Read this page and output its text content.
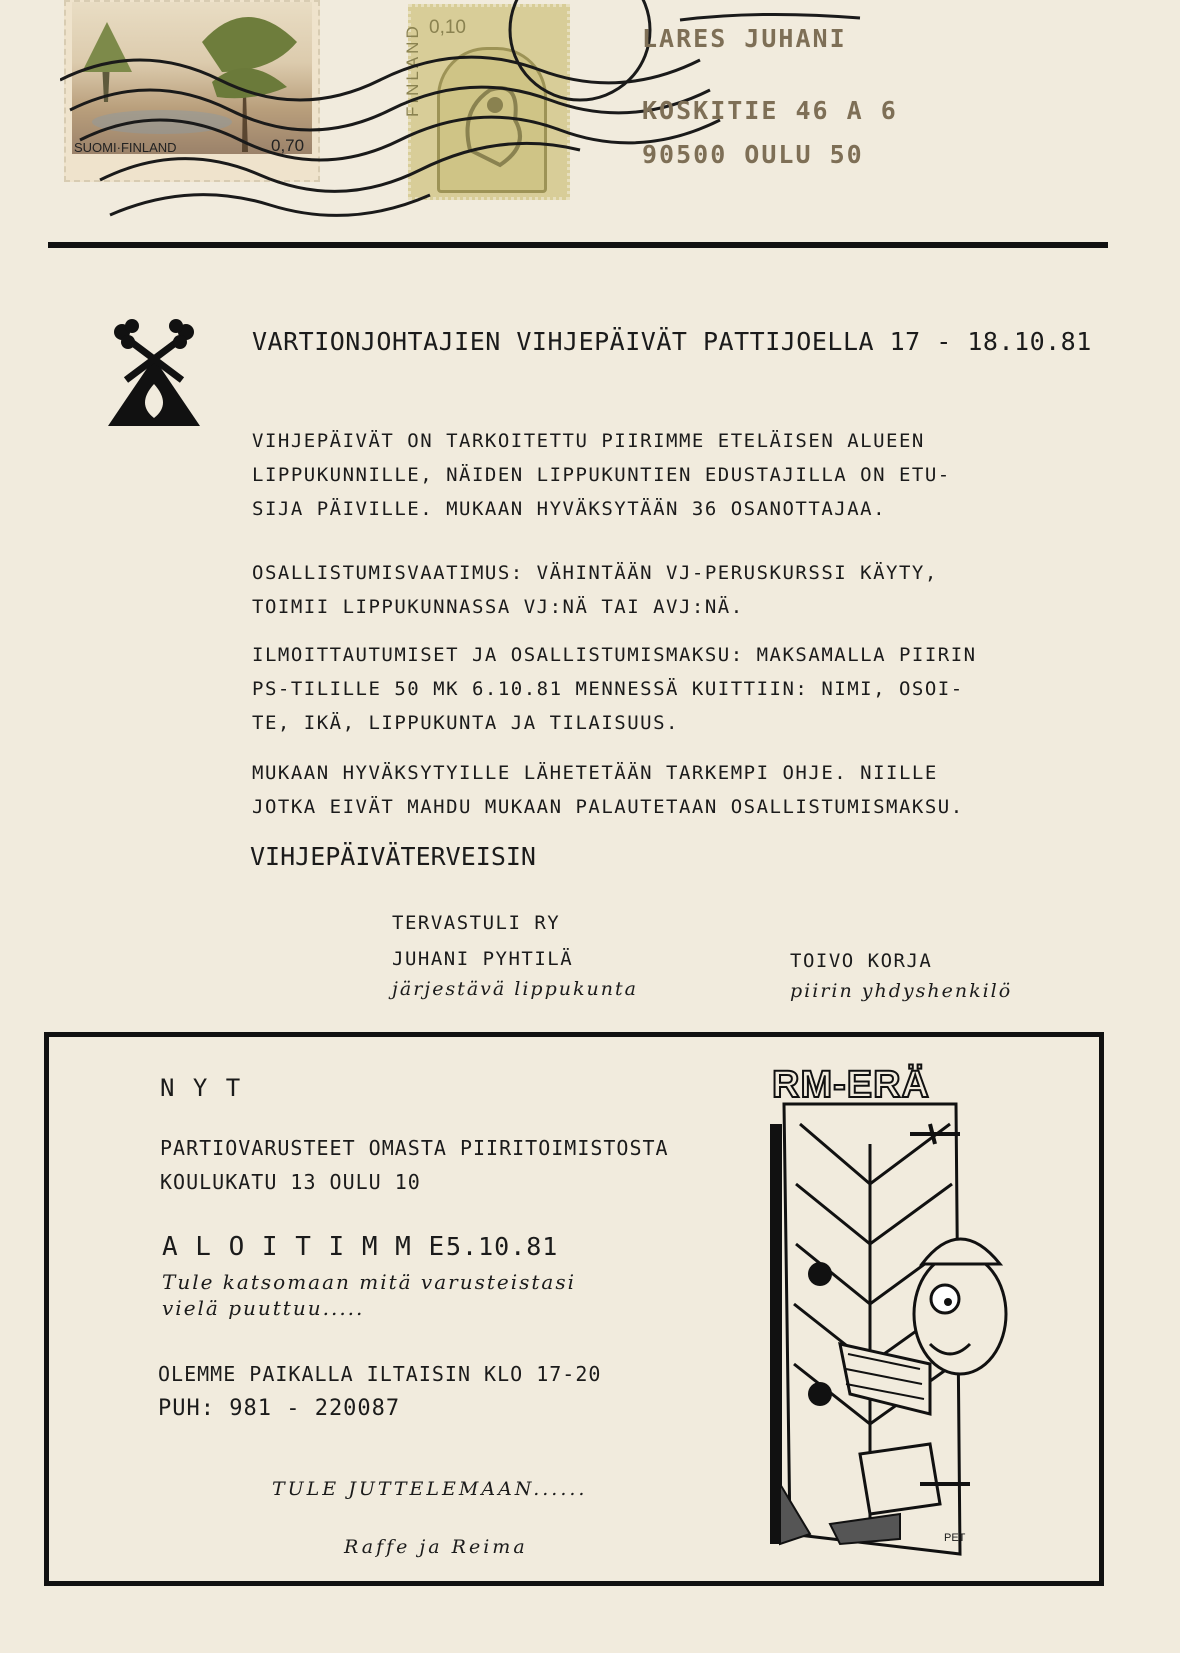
SUOMI·FINLAND	0,70
0,10
FINLAND	LARES JUHANI
KOSKITIE 46 A 6
90500 OULU 50
VARTIONJOHTAJIEN VIHJEPÄIVÄT PATTIJOELLA 17 - 18.10.81
VIHJEPÄIVÄT ON TARKOITETTU PIIRIMME ETELÄISEN ALUEEN
LIPPUKUNNILLE, NÄIDEN LIPPUKUNTIEN EDUSTAJILLA ON ETU-
SIJA PÄIVILLE. MUKAAN HYVÄKSYTÄÄN 36 OSANOTTAJAA.
OSALLISTUMISVAATIMUS: VÄHINTÄÄN VJ-PERUSKURSSI KÄYTY,
TOIMII LIPPUKUNNASSA VJ:NÄ TAI AVJ:NÄ.
ILMOITTAUTUMISET JA OSALLISTUMISMAKSU: MAKSAMALLA PIIRIN
PS-TILILLE 50 MK 6.10.81 MENNESSÄ KUITTIIN: NIMI, OSOI-
TE, IKÄ, LIPPUKUNTA JA TILAISUUS.
MUKAAN HYVÄKSYTYILLE LÄHETETÄÄN TARKEMPI OHJE. NIILLE
JOTKA EIVÄT MAHDU MUKAAN PALAUTETAAN OSALLISTUMISMAKSU.
VIHJEPÄIVÄTERVEISIN
TERVASTULI RY
JUHANI PYHTILÄ
järjestävä lippukunta
TOIVO KORJA
piirin yhdyshenkilö
N Y T
PARTIOVARUSTEET OMASTA PIIRITOIMISTOSTA
KOULUKATU 13 OULU 10
A L O I T I M M E 5.10.81
Tule katsomaan mitä varusteistasi
vielä puuttuu.....
OLEMME PAIKALLA ILTAISIN KLO 17-20
PUH: 981 - 220087
TULE JUTTELEMAAN......
Raffe ja Reima
RM-ERÄ
PET
